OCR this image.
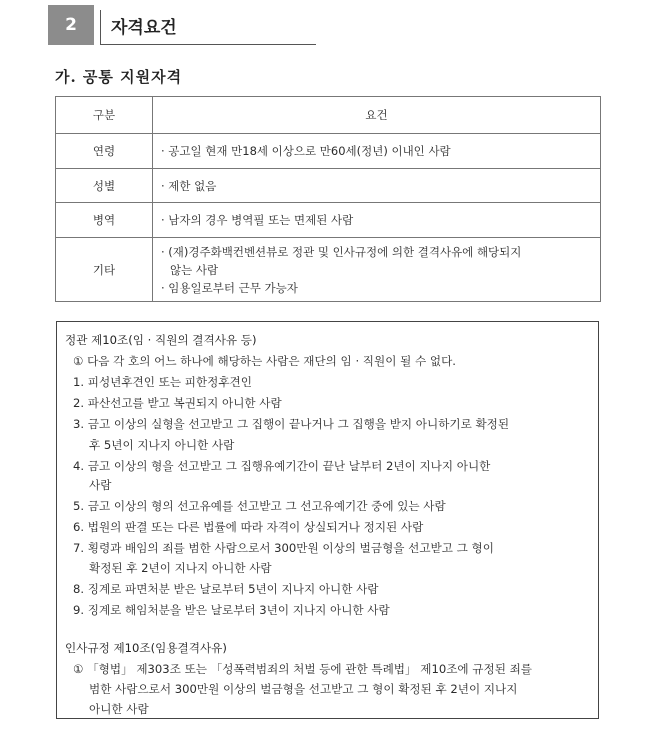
2	자격요건
가. 공통 지원자격
구분	요건
연령	· 공고일 현재 만18세 이상으로 만60세(정년) 이내인 사람

성별	· 제한 없음

병역	· 남자의 경우 병역필 또는 면제된 사람

기타	· (재)경주화백컨벤션뷰로 정관 및 인사규정에 의한 결격사유에 해당되지
않는 사람
· 임용일로부터 근무 가능자
정관 제10조(임 · 직원의 결격사유 등)
① 다음 각 호의 어느 하나에 해당하는 사람은 재단의 임 · 직원이 될 수 없다.
1. 피성년후견인 또는 피한정후견인
2. 파산선고를 받고 복권되지 아니한 사람
3. 금고 이상의 실형을 선고받고 그 집행이 끝나거나 그 집행을 받지 아니하기로 확정된
후 5년이 지나지 아니한 사람
4. 금고 이상의 형을 선고받고 그 집행유예기간이 끝난 날부터 2년이 지나지 아니한
사람
5. 금고 이상의 형의 선고유예를 선고받고 그 선고유예기간 중에 있는 사람
6. 법원의 판결 또는 다른 법률에 따라 자격이 상실되거나 정지된 사람
7. 횡령과 배임의 죄를 범한 사람으로서 300만원 이상의 벌금형을 선고받고 그 형이
확정된 후 2년이 지나지 아니한 사람
8. 징계로 파면처분 받은 날로부터 5년이 지나지 아니한 사람
9. 징계로 해임처분을 받은 날로부터 3년이 지나지 아니한 사람
인사규정 제10조(임용결격사유)
① 「형법」 제303조 또는 「성폭력범죄의 처벌 등에 관한 특례법」 제10조에 규정된 죄를
범한 사람으로서 300만원 이상의 벌금형을 선고받고 그 형이 확정된 후 2년이 지나지
아니한 사람
